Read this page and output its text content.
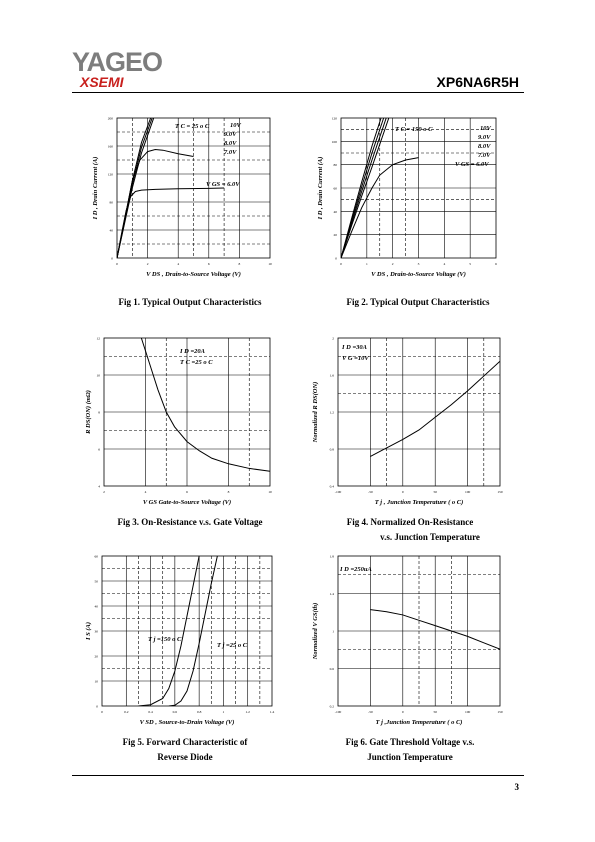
YAGEO
XSEMI	XP6NA6R5H
0	2	4	6	8	10
0
40
80
120
160
200
V DS , Drain-to-Source Voltage (V)
I D , Drain Current (A)
T C = 25 o C	10V
9.0V
8.0V
7.0V
V GS = 6.0V
0	1	2	3	4	5	6
0
20
40
60
80
100
120
V DS , Drain-to-Source Voltage (V)
I D , Drain Current (A)
T C = 150 o C	10V
9.0V
8.0V
7.0V
V GS = 6.0V
2	4	6	8	10
4
6
8
10
12
V GS Gate-to-Source Voltage (V)
R DS(ON) (mΩ)
I D =20A
T C =25 o C
-100	-50	0	50	100	150
0.4
0.8
1.2
1.6
2
T j , Junction Temperature ( o C)
Normalized R DS(ON)
I D =30A
V G =10V
0	0.2	0.4	0.6	0.8	1	1.2	1.4
0
10
20
30
40
50
60
V SD , Source-to-Drain Voltage (V)
I S (A)	T j =150 o C
T j =25 o C
-100	-50	0	50	100	150
0.2
0.6
1
1.4
1.8
T j ,Junction Temperature ( o C)
Normalized V GS(th)
I D =250uA
Fig 1. Typical Output Characteristics	Fig 2. Typical Output Characteristics
Fig 3. On-Resistance v.s. Gate Voltage	Fig 4. Normalized On-Resistance
v.s. Junction Temperature
Fig 5. Forward Characteristic of
Reverse Diode
Fig 6. Gate Threshold Voltage v.s.
Junction Temperature
3
